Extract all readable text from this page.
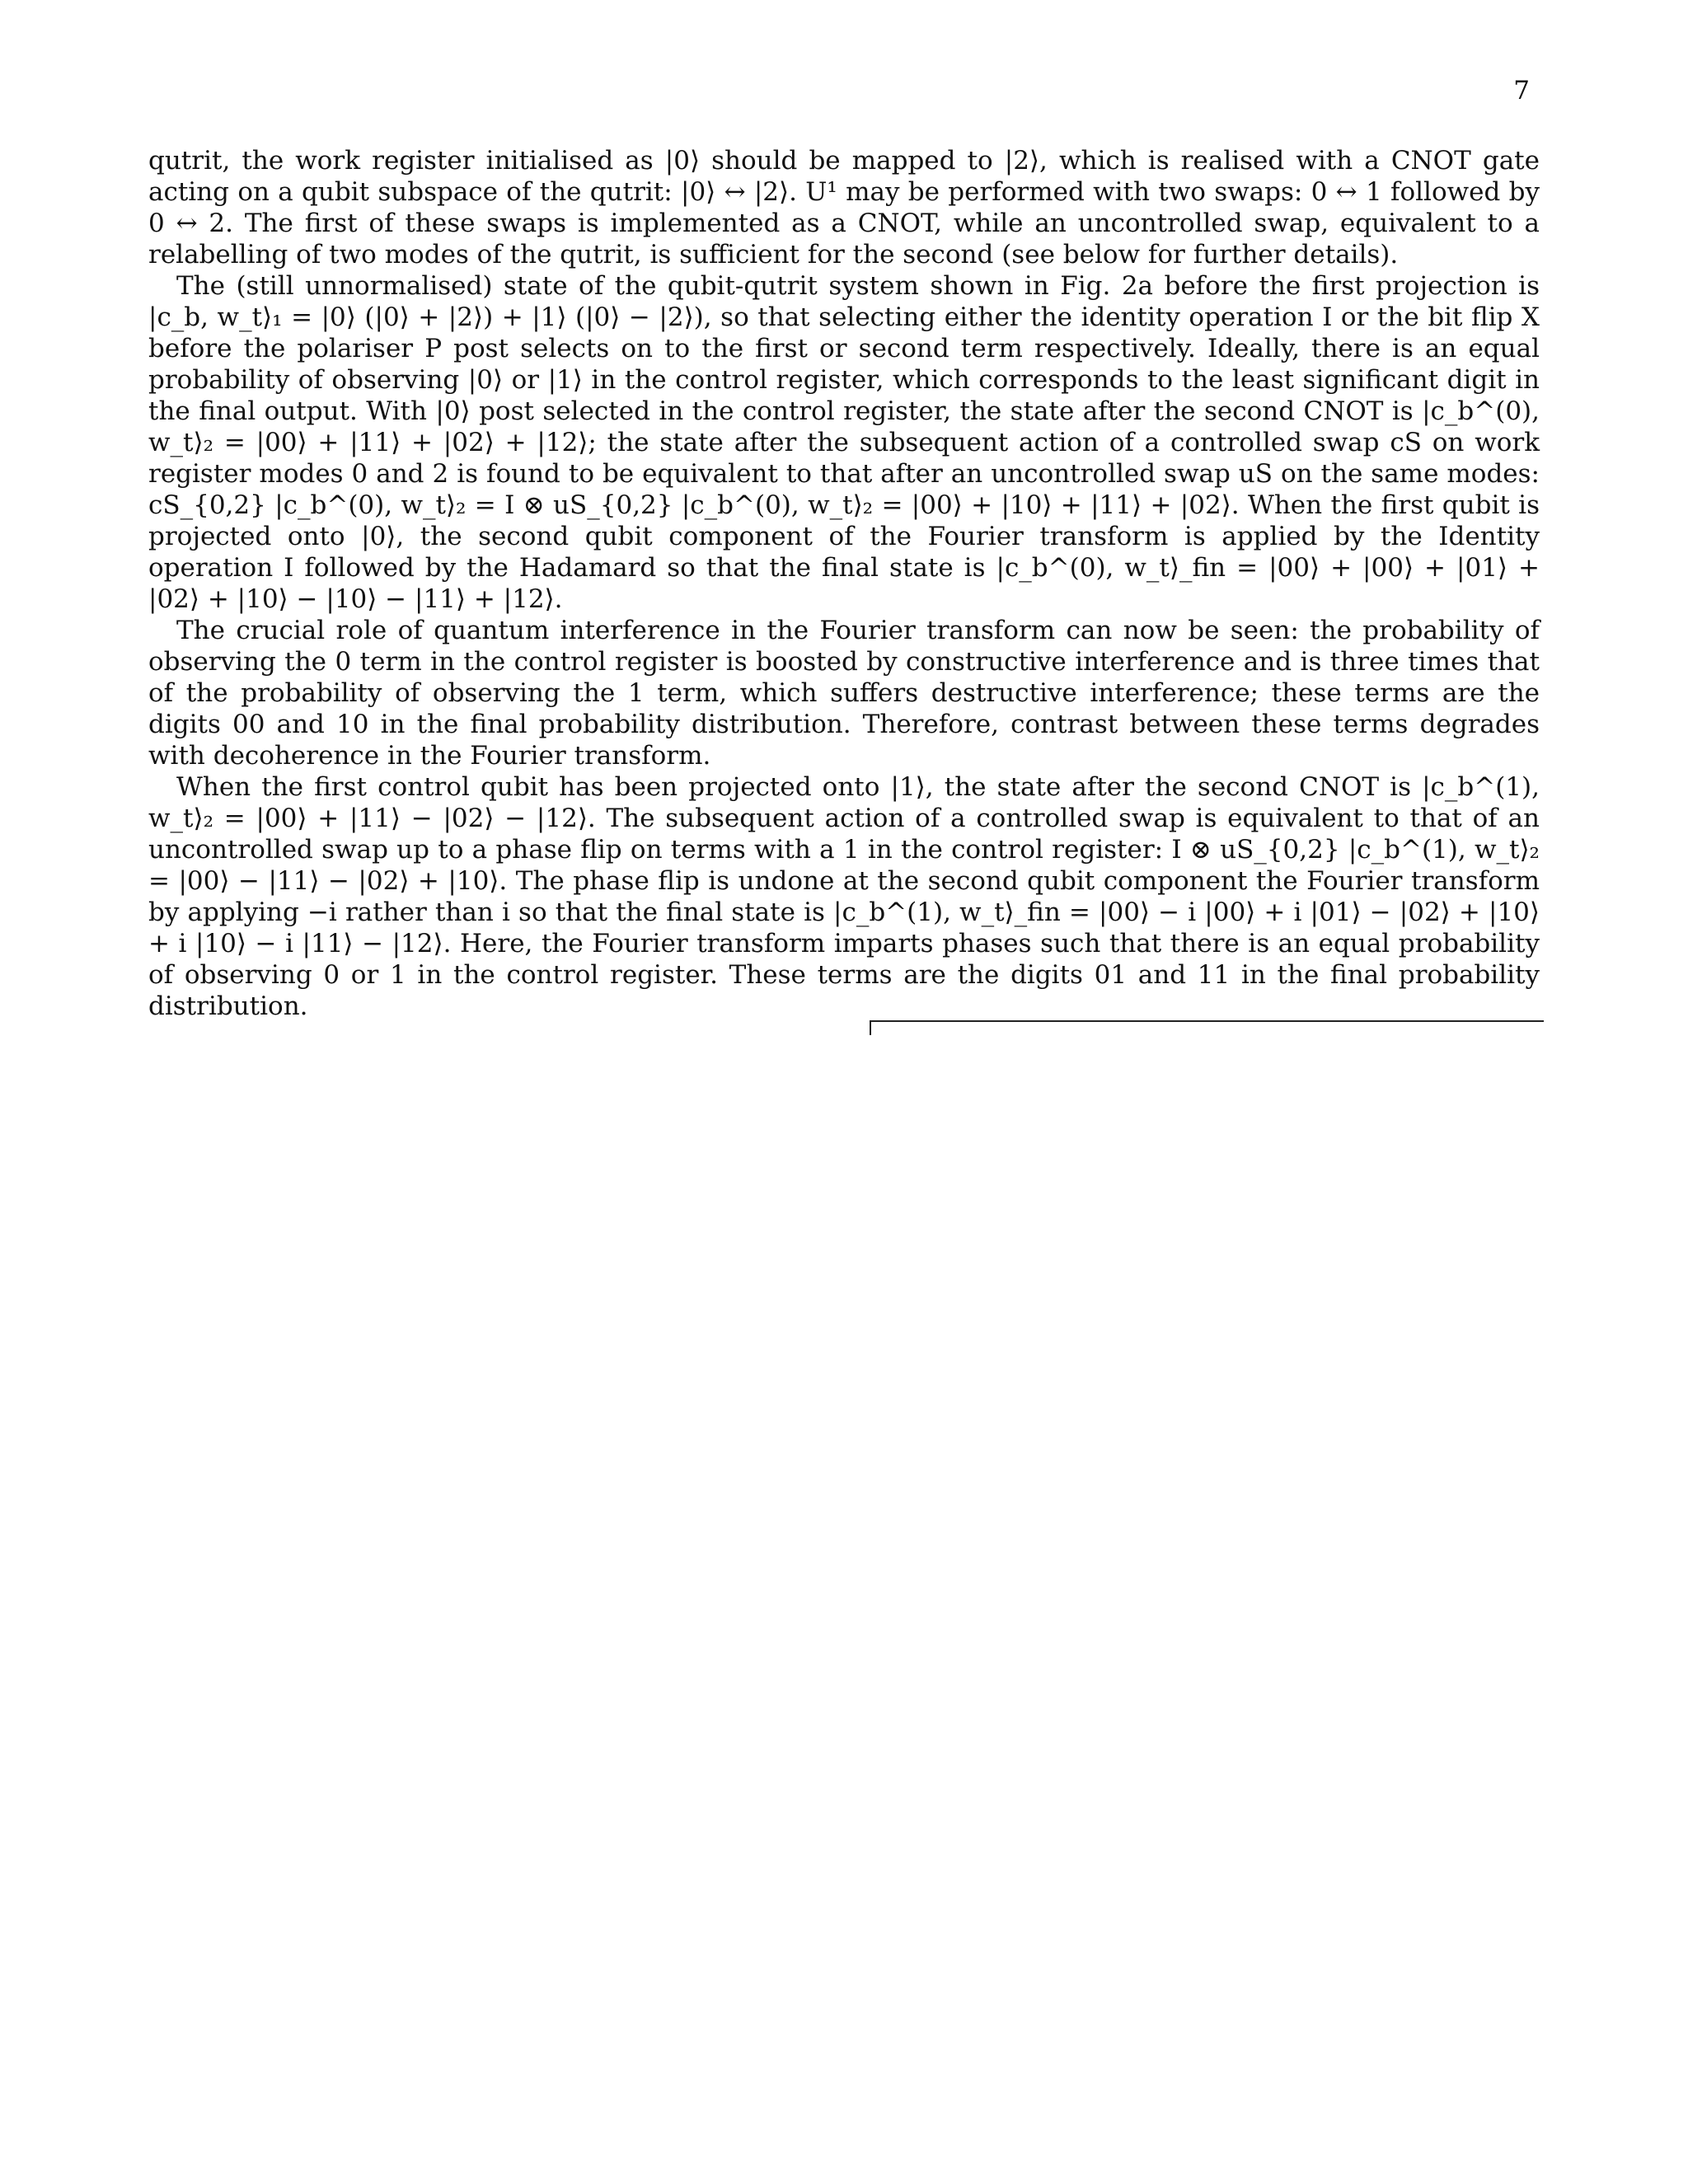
7

qutrit, the work register initialised as |0⟩ should be mapped to |2⟩, which is realised with a CNOT gate acting on a qubit subspace of the qutrit: |0⟩ ↔ |2⟩. U¹ may be performed with two swaps: 0 ↔ 1 followed by 0 ↔ 2. The first of these swaps is implemented as a CNOT, while an uncontrolled swap, equivalent to a relabelling of two modes of the qutrit, is sufficient for the second (see below for further details).

The (still unnormalised) state of the qubit-qutrit system shown in Fig. 2a before the first projection is |c_b, w_t⟩₁ = |0⟩ (|0⟩ + |2⟩) + |1⟩ (|0⟩ − |2⟩), so that selecting either the identity operation I or the bit flip X before the polariser P post selects on to the first or second term respectively. Ideally, there is an equal probability of observing |0⟩ or |1⟩ in the control register, which corresponds to the least significant digit in the final output. With |0⟩ post selected in the control register, the state after the second CNOT is |c_b^(0), w_t⟩₂ = |00⟩ + |11⟩ + |02⟩ + |12⟩; the state after the subsequent action of a controlled swap cS on work register modes 0 and 2 is found to be equivalent to that after an uncontrolled swap uS on the same modes: cS_{0,2} |c_b^(0), w_t⟩₂ = I ⊗ uS_{0,2} |c_b^(0), w_t⟩₂ = |00⟩ + |10⟩ + |11⟩ + |02⟩. When the first qubit is projected onto |0⟩, the second qubit component of the Fourier transform is applied by the Identity operation I followed by the Hadamard so that the final state is |c_b^(0), w_t⟩_fin = |00⟩ + |00⟩ + |01⟩ + |02⟩ + |10⟩ − |10⟩ − |11⟩ + |12⟩.

The crucial role of quantum interference in the Fourier transform can now be seen: the probability of observing the 0 term in the control register is boosted by constructive interference and is three times that of the probability of observing the 1 term, which suffers destructive interference; these terms are the digits 00 and 10 in the final probability distribution. Therefore, contrast between these terms degrades with decoherence in the Fourier transform.

When the first control qubit has been projected onto |1⟩, the state after the second CNOT is |c_b^(1), w_t⟩₂ = |00⟩ + |11⟩ − |02⟩ − |12⟩. The subsequent action of a controlled swap is equivalent to that of an uncontrolled swap up to a phase flip on terms with a 1 in the control register: I ⊗ uS_{0,2} |c_b^(1), w_t⟩₂ = |00⟩ − |11⟩ − |02⟩ + |10⟩. The phase flip is undone at the second qubit component the Fourier transform by applying −i rather than i so that the final state is |c_b^(1), w_t⟩_fin = |00⟩ − i |00⟩ + i |01⟩ − |02⟩ + |10⟩ + i |10⟩ − i |11⟩ − |12⟩. Here, the Fourier transform imparts phases such that there is an equal probability of observing 0 or 1 in the control register. These terms are the digits 01 and 11 in the final probability distribution.
